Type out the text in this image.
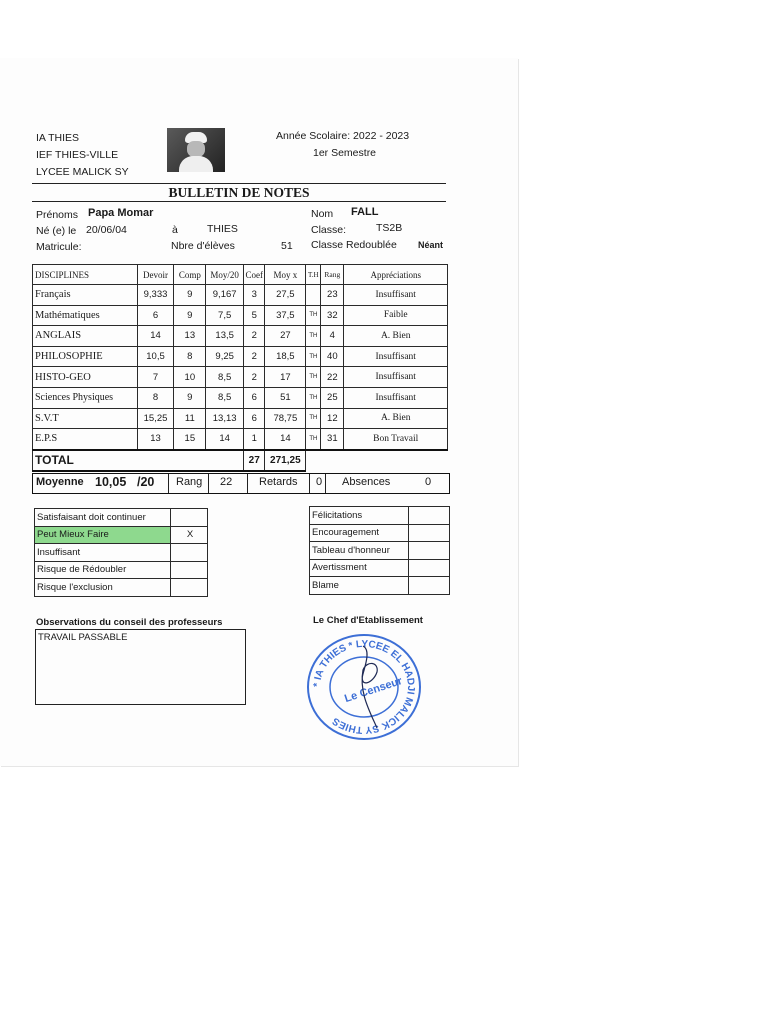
IA THIES
IEF THIES-VILLE
LYCEE MALICK SY
Année Scolaire: 2022 - 2023
1er Semestre
BULLETIN DE NOTES
Prénoms Papa Momar	Nom FALL
Né (e) le 20/06/04	à	THIES	Classe:	TS2B
Matricule:	Nbre d'élèves	51 Classe Redoublée Néant
DISCIPLINES	Devoir	Comp	Moy/20	Coef	Moy x	T.H	Rang	Appréciations
Français	9,333	9	9,167	3	27,5		23	Insuffisant
Mathématiques	6	9	7,5	5	37,5	TH	32	Faible
ANGLAIS	14	13	13,5	2	27	TH	4	A. Bien
PHILOSOPHIE	10,5	8	9,25	2	18,5	TH	40	Insuffisant
HISTO-GEO	7	10	8,5	2	17	TH	22	Insuffisant
Sciences Physiques	8	9	8,5	6	51	TH	25	Insuffisant
S.V.T	15,25	11	13,13	6	78,75	TH	12	A. Bien
E.P.S	13	15	14	1	14	TH	31	Bon Travail
TOTAL				27	271,25			
Moyenne 10,05 /20 Rang 22 Retards 0 Absences	0
Satisfaisant doit continuer	
Peut Mieux Faire	X
Insuffisant	
Risque de Rédoubler	
Risque l'exclusion	
Félicitations	
Encouragement	
Tableau d'honneur	
Avertissment	
Blame	
Observations du conseil des professeurs
TRAVAIL PASSABLE
Le Chef d'Etablissement
* IA THIES * LYCEE EL HADJI MALICK SY THIES
Le Censeur
